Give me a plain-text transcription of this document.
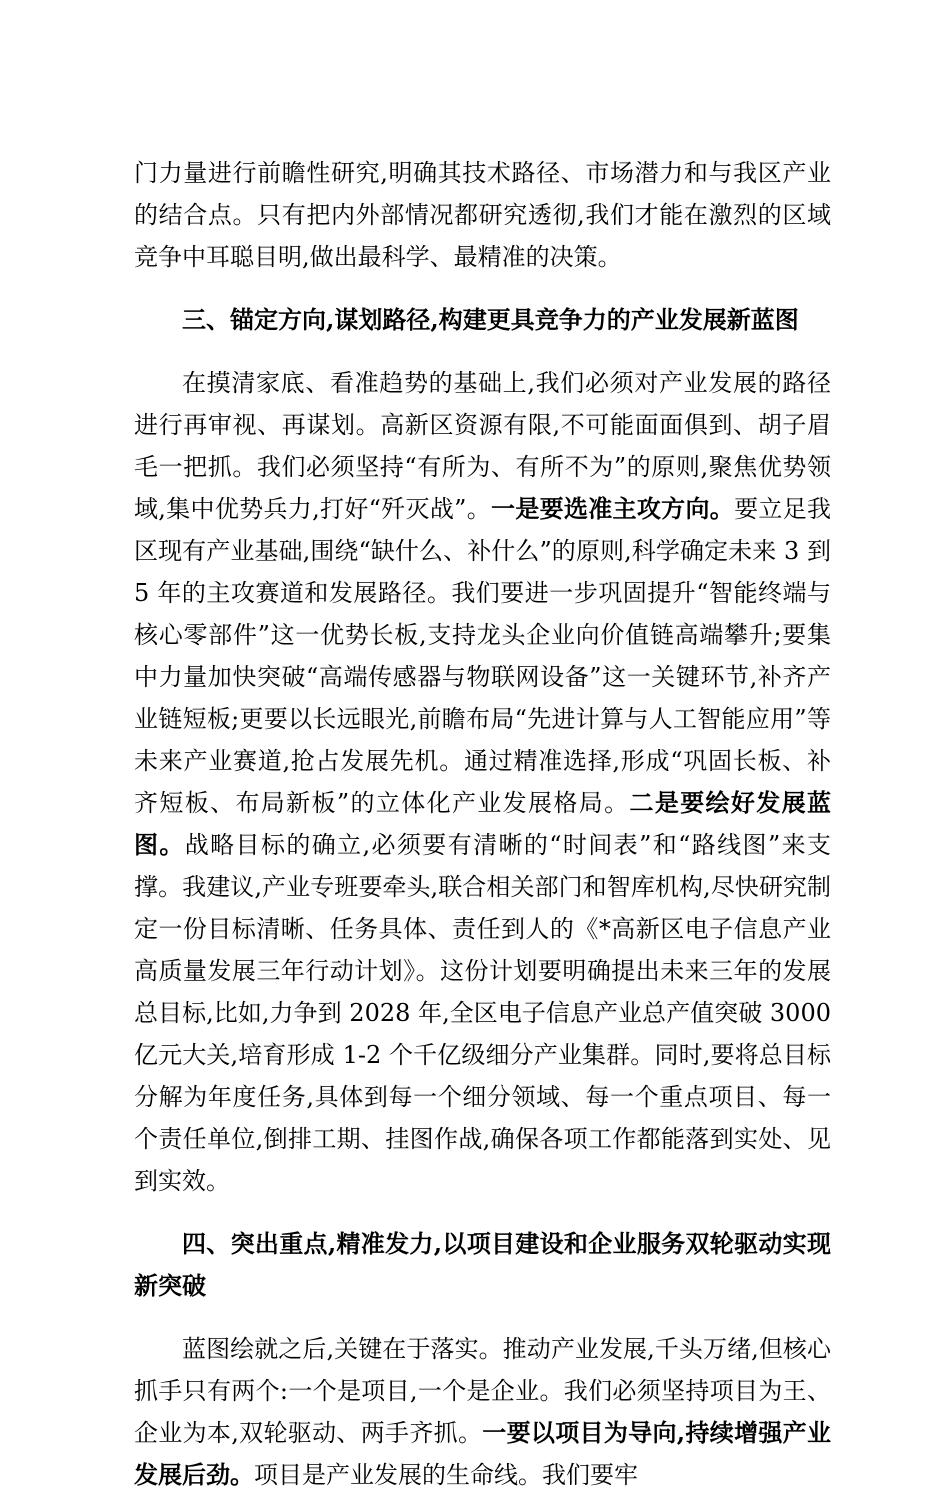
门力量进行前瞻性研究,明确其技术路径、市场潜力和与我区产业的结合点。只有把内外部情况都研究透彻,我们才能在激烈的区域竞争中耳聪目明,做出最科学、最精准的决策。

三、锚定方向,谋划路径,构建更具竞争力的产业发展新蓝图

在摸清家底、看准趋势的基础上,我们必须对产业发展的路径进行再审视、再谋划。高新区资源有限,不可能面面俱到、胡子眉毛一把抓。我们必须坚持“有所为、有所不为”的原则,聚焦优势领域,集中优势兵力,打好“歼灭战”。一是要选准主攻方向。要立足我区现有产业基础,围绕“缺什么、补什么”的原则,科学确定未来 3 到 5 年的主攻赛道和发展路径。我们要进一步巩固提升“智能终端与核心零部件”这一优势长板,支持龙头企业向价值链高端攀升;要集中力量加快突破“高端传感器与物联网设备”这一关键环节,补齐产业链短板;更要以长远眼光,前瞻布局“先进计算与人工智能应用”等未来产业赛道,抢占发展先机。通过精准选择,形成“巩固长板、补齐短板、布局新板”的立体化产业发展格局。二是要绘好发展蓝图。战略目标的确立,必须要有清晰的“时间表”和“路线图”来支撑。我建议,产业专班要牵头,联合相关部门和智库机构,尽快研究制定一份目标清晰、任务具体、责任到人的《*高新区电子信息产业高质量发展三年行动计划》。这份计划要明确提出未来三年的发展总目标,比如,力争到 2028 年,全区电子信息产业总产值突破 3000 亿元大关,培育形成 1-2 个千亿级细分产业集群。同时,要将总目标分解为年度任务,具体到每一个细分领域、每一个重点项目、每一个责任单位,倒排工期、挂图作战,确保各项工作都能落到实处、见到实效。

四、突出重点,精准发力,以项目建设和企业服务双轮驱动实现新突破

蓝图绘就之后,关键在于落实。推动产业发展,千头万绪,但核心抓手只有两个:一个是项目,一个是企业。我们必须坚持项目为王、企业为本,双轮驱动、两手齐抓。一要以项目为导向,持续增强产业发展后劲。项目是产业发展的生命线。我们要牢
